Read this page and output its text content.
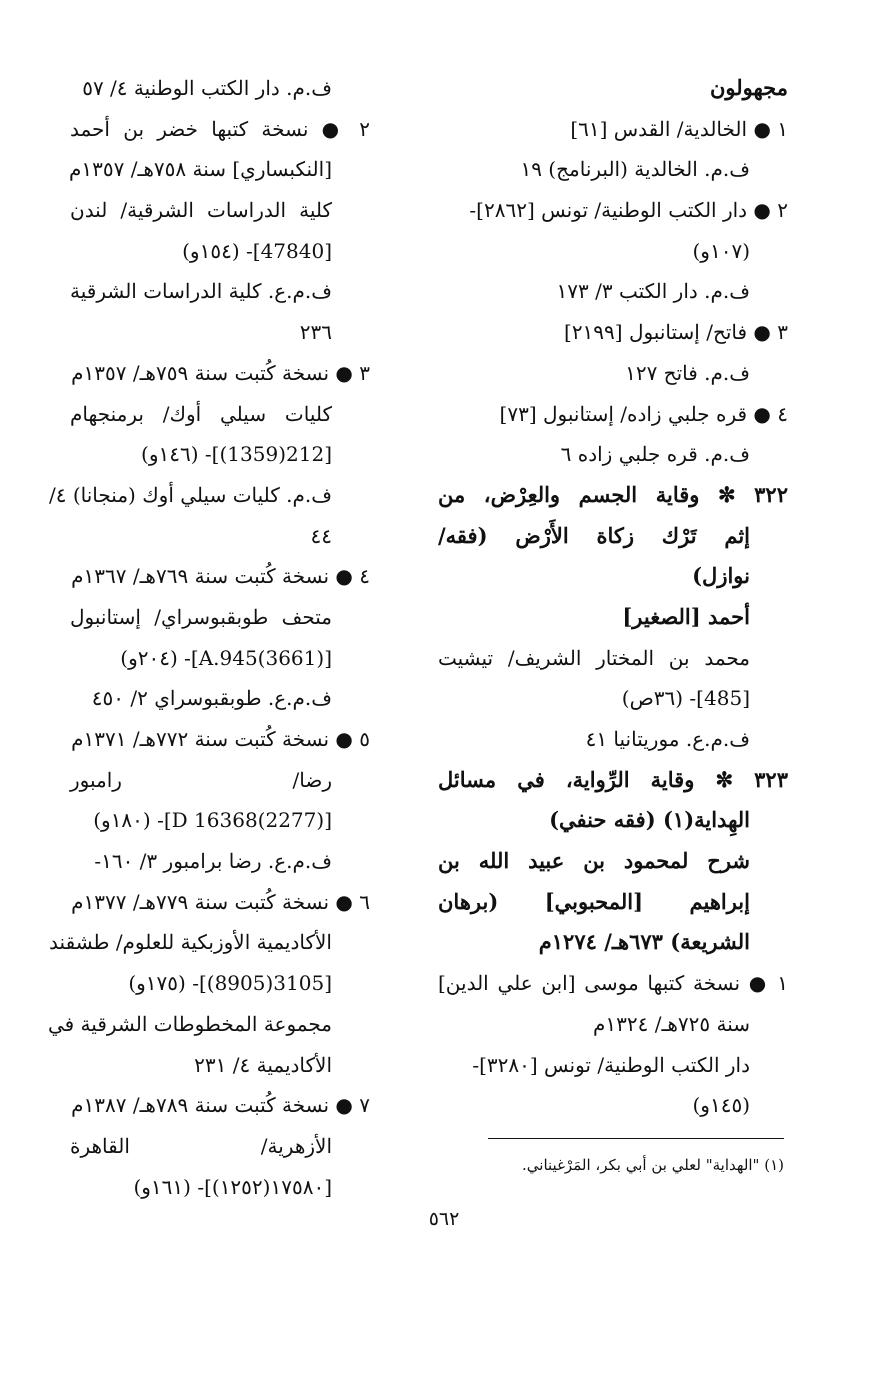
مجهولون
١ ● الخالدية/ القدس [٦١]
ف.م. الخالدية (البرنامج) ١٩
٢ ● دار الكتب الوطنية/ تونس [٢٨٦٢]-
(١٠٧و)
ف.م. دار الكتب ٣/ ١٧٣
٣ ● فاتح/ إستانبول [٢١٩٩]
ف.م. فاتح ١٢٧
٤ ● قره جلبي زاده/ إستانبول [٧٣]
ف.م. قره جلبي زاده ٦
٣٢٢ ✼ وقاية الجسم والعِرْض، من
إثم تَرْك زكاة الأَرْض (فقه/
نوازل)
أحمد [الصغير]
محمد بن المختار الشريف/ تيشيت
[485]- (٣٦ص)
ف.م.ع. موريتانيا ٤١
٣٢٣ ✼ وقاية الرِّواية، في مسائل
الهِداية(١) (فقه حنفي)
شرح لمحمود بن عبيد الله بن
إبراهيم [المحبوبي] (برهان
الشريعة) ٦٧٣هـ/ ١٢٧٤م
١ ● نسخة كتبها موسى [ابن علي الدين]
سنة ٧٢٥هـ/ ١٣٢٤م
دار الكتب الوطنية/ تونس [٣٢٨٠]-
(١٤٥و)
ف.م. دار الكتب الوطنية ٤/ ٥٧
٢ ● نسخة كتبها خضر بن أحمد
[النكبساري] سنة ٧٥٨هـ/ ١٣٥٧م
كلية الدراسات الشرقية/ لندن
[47840]- (١٥٤و)
ف.م.ع. كلية الدراسات الشرقية
٢٣٦
٣ ● نسخة كُتبت سنة ٧٥٩هـ/ ١٣٥٧م
كليات سيلي أوك/ برمنجهام
[212(1359)]- (١٤٦و)
ف.م. كليات سيلي أوك (منجانا) ٤/
٤٤
٤ ● نسخة كُتبت سنة ٧٦٩هـ/ ١٣٦٧م
متحف طوبقبوسراي/ إستانبول
[A.945(3661)]- (٢٠٤و)
ف.م.ع. طوبقبوسراي ٢/ ٤٥٠
٥ ● نسخة كُتبت سنة ٧٧٢هـ/ ١٣٧١م
رضا/ رامبور
[D 16368(2277)]- (١٨٠و)
ف.م.ع. رضا برامبور ٣/ ١٦٠-
٦ ● نسخة كُتبت سنة ٧٧٩هـ/ ١٣٧٧م
الأكاديمية الأوزبكية للعلوم/ طشقند
[3105(8905)]- (١٧٥و)
مجموعة المخطوطات الشرقية في
الأكاديمية ٤/ ٢٣١
٧ ● نسخة كُتبت سنة ٧٨٩هـ/ ١٣٨٧م
الأزهرية/ القاهرة
[١٧٥٨٠(١٢٥٢)]- (١٦١و)
(١) "الهداية" لعلي بن أبي بكر، المَرْغيناني.
٥٦٢
